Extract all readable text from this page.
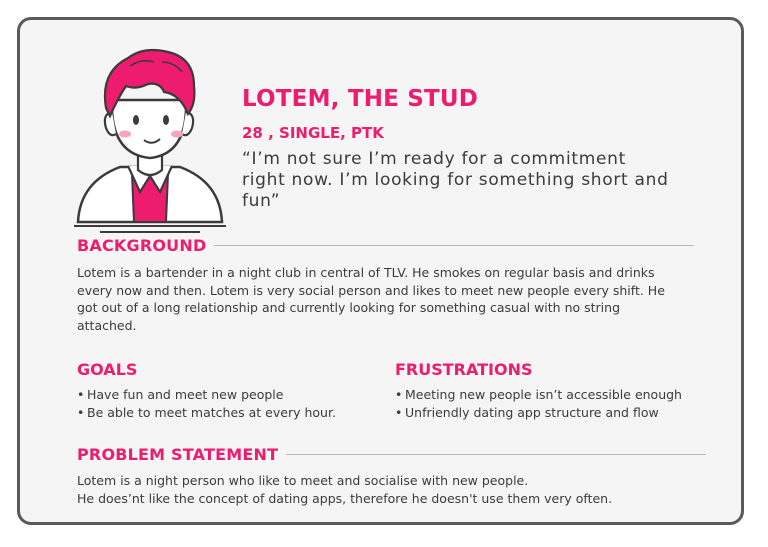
LOTEM, THE STUD

28 , SINGLE, PTK

“I’m not sure I’m ready for a commitment right now. I’m looking for something short and fun”

BACKGROUND

Lotem is a bartender in a night club in central of TLV. He smokes on regular basis and drinks every now and then. Lotem is very social person and likes to meet new people every shift. He got out of a long relationship and currently looking for something casual with no string attached.

GOALS
• Have fun and meet new people
• Be able to meet matches at every hour.
FRUSTRATIONS
• Meeting new people isn’t accessible enough
• Unfriendly dating app structure and flow
PROBLEM STATEMENT

Lotem is a night person who like to meet and socialise with new people.
He does’nt like the concept of dating apps, therefore he doesn't use them very often.
